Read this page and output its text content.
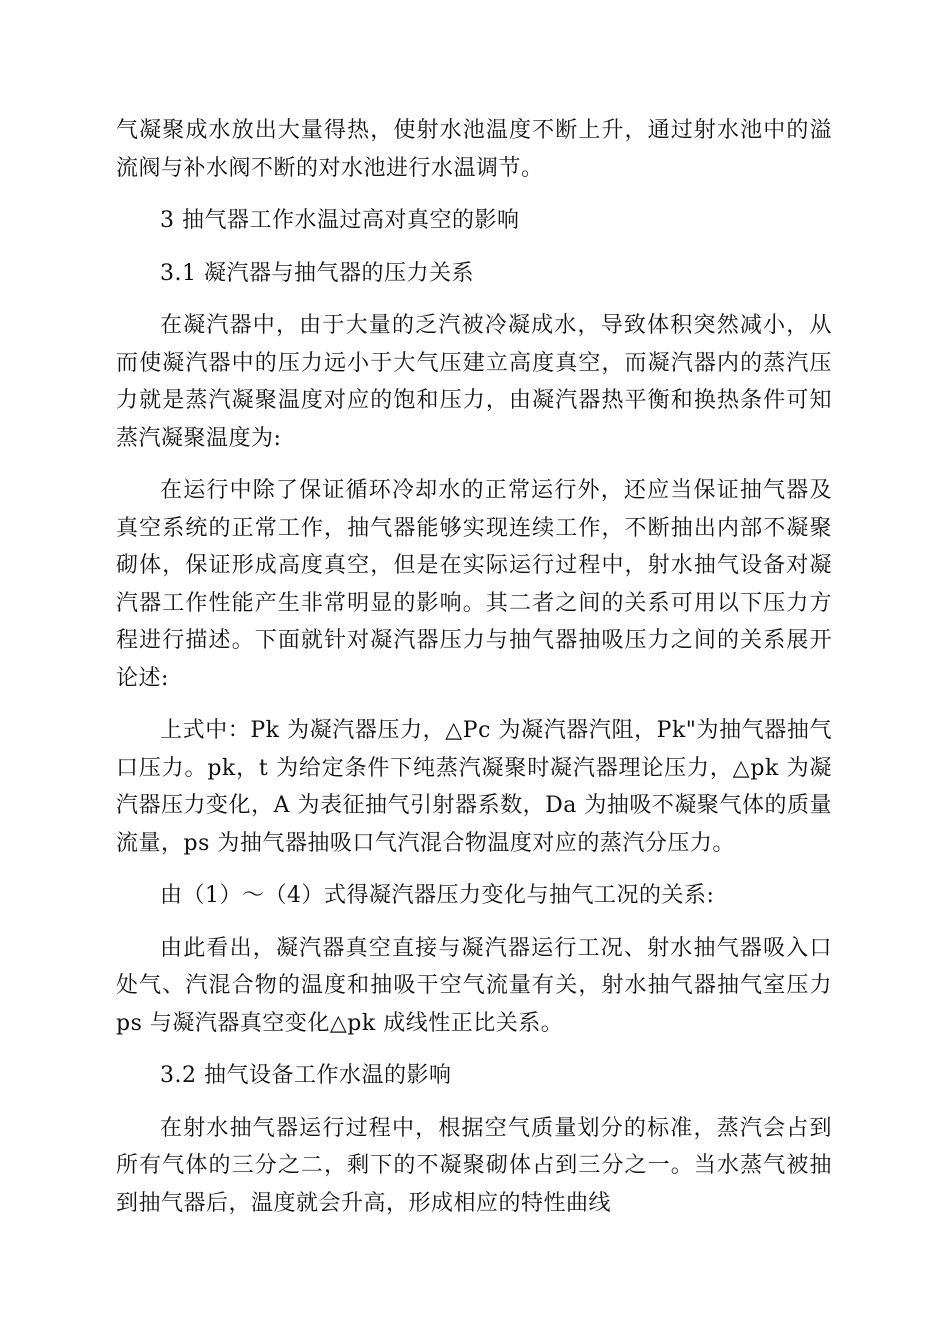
气凝聚成水放出大量得热，使射水池温度不断上升，通过射水池中的溢流阀与补水阀不断的对水池进行水温调节。

3 抽气器工作水温过高对真空的影响

3.1 凝汽器与抽气器的压力关系

在凝汽器中，由于大量的乏汽被冷凝成水，导致体积突然减小，从而使凝汽器中的压力远小于大气压建立高度真空，而凝汽器内的蒸汽压力就是蒸汽凝聚温度对应的饱和压力，由凝汽器热平衡和换热条件可知蒸汽凝聚温度为:

在运行中除了保证循环冷却水的正常运行外，还应当保证抽气器及真空系统的正常工作，抽气器能够实现连续工作，不断抽出内部不凝聚砌体，保证形成高度真空，但是在实际运行过程中，射水抽气设备对凝汽器工作性能产生非常明显的影响。其二者之间的关系可用以下压力方程进行描述。下面就针对凝汽器压力与抽气器抽吸压力之间的关系展开论述:

上式中：Pk 为凝汽器压力，△Pc 为凝汽器汽阻，Pk"为抽气器抽气口压力。pk，t 为给定条件下纯蒸汽凝聚时凝汽器理论压力，△pk 为凝汽器压力变化，A 为表征抽气引射器系数，Da 为抽吸不凝聚气体的质量流量，ps 为抽气器抽吸口气汽混合物温度对应的蒸汽分压力。

由（1）～（4）式得凝汽器压力变化与抽气工况的关系:

由此看出，凝汽器真空直接与凝汽器运行工况、射水抽气器吸入口处气、汽混合物的温度和抽吸干空气流量有关，射水抽气器抽气室压力 ps 与凝汽器真空变化△pk 成线性正比关系。

3.2 抽气设备工作水温的影响

在射水抽气器运行过程中，根据空气质量划分的标准，蒸汽会占到所有气体的三分之二，剩下的不凝聚砌体占到三分之一。当水蒸气被抽到抽气器后，温度就会升高，形成相应的特性曲线
